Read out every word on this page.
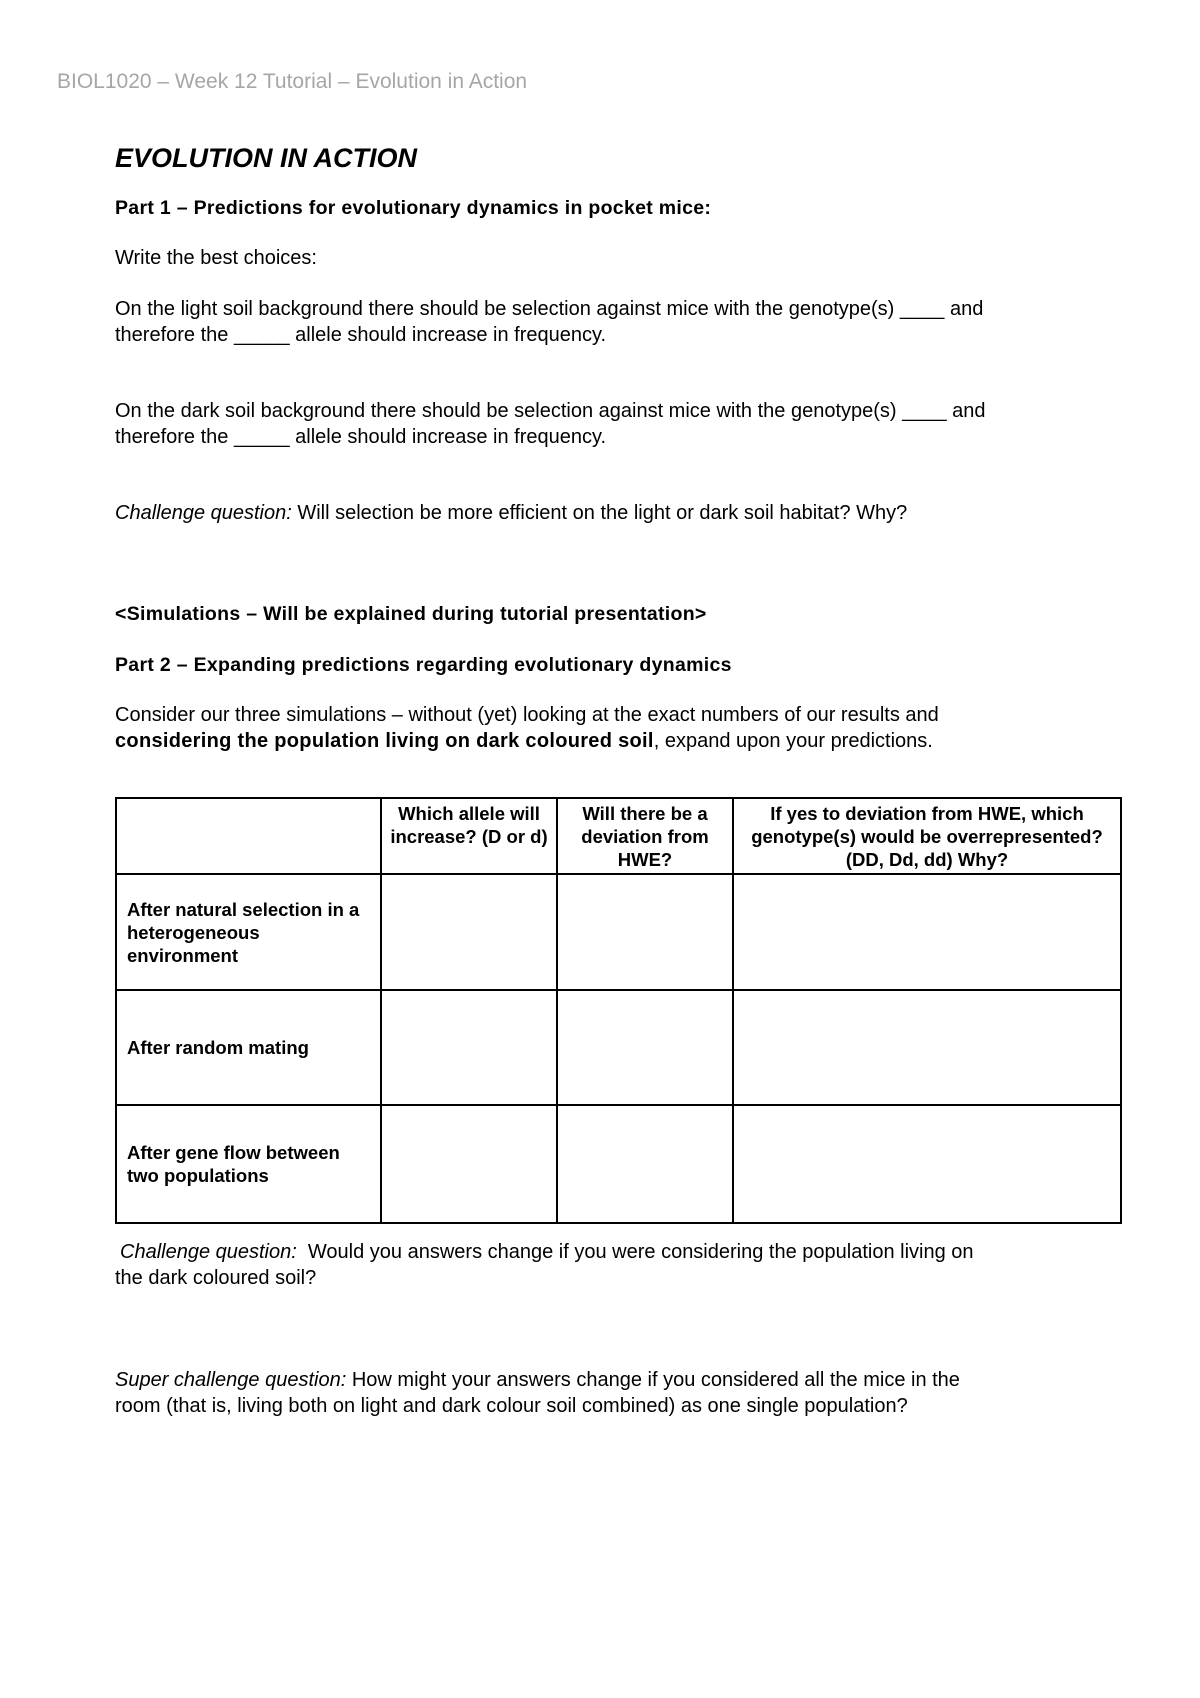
BIOL1020 – Week 12 Tutorial – Evolution in Action
EVOLUTION IN ACTION

Part 1 – Predictions for evolutionary dynamics in pocket mice:

Write the best choices:

On the light soil background there should be selection against mice with the genotype(s) ____ and

therefore the _____ allele should increase in frequency.

On the dark soil background there should be selection against mice with the genotype(s) ____ and

therefore the _____ allele should increase in frequency.

Challenge question: Will selection be more efficient on the light or dark soil habitat? Why?

<Simulations – Will be explained during tutorial presentation>

Part 2 – Expanding predictions regarding evolutionary dynamics

Consider our three simulations – without (yet) looking at the exact numbers of our results and

considering the population living on dark coloured soil, expand upon your predictions.

	Which allele will increase? (D or d)	Will there be a deviation from HWE?	If yes to deviation from HWE, which genotype(s) would be overrepresented? (DD, Dd, dd) Why?
After natural selection in a heterogeneous environment			
After random mating			
After gene flow between two populations			

Challenge question:  Would you answers change if you were considering the population living on

the dark coloured soil?

Super challenge question: How might your answers change if you considered all the mice in the

room (that is, living both on light and dark colour soil combined) as one single population?
